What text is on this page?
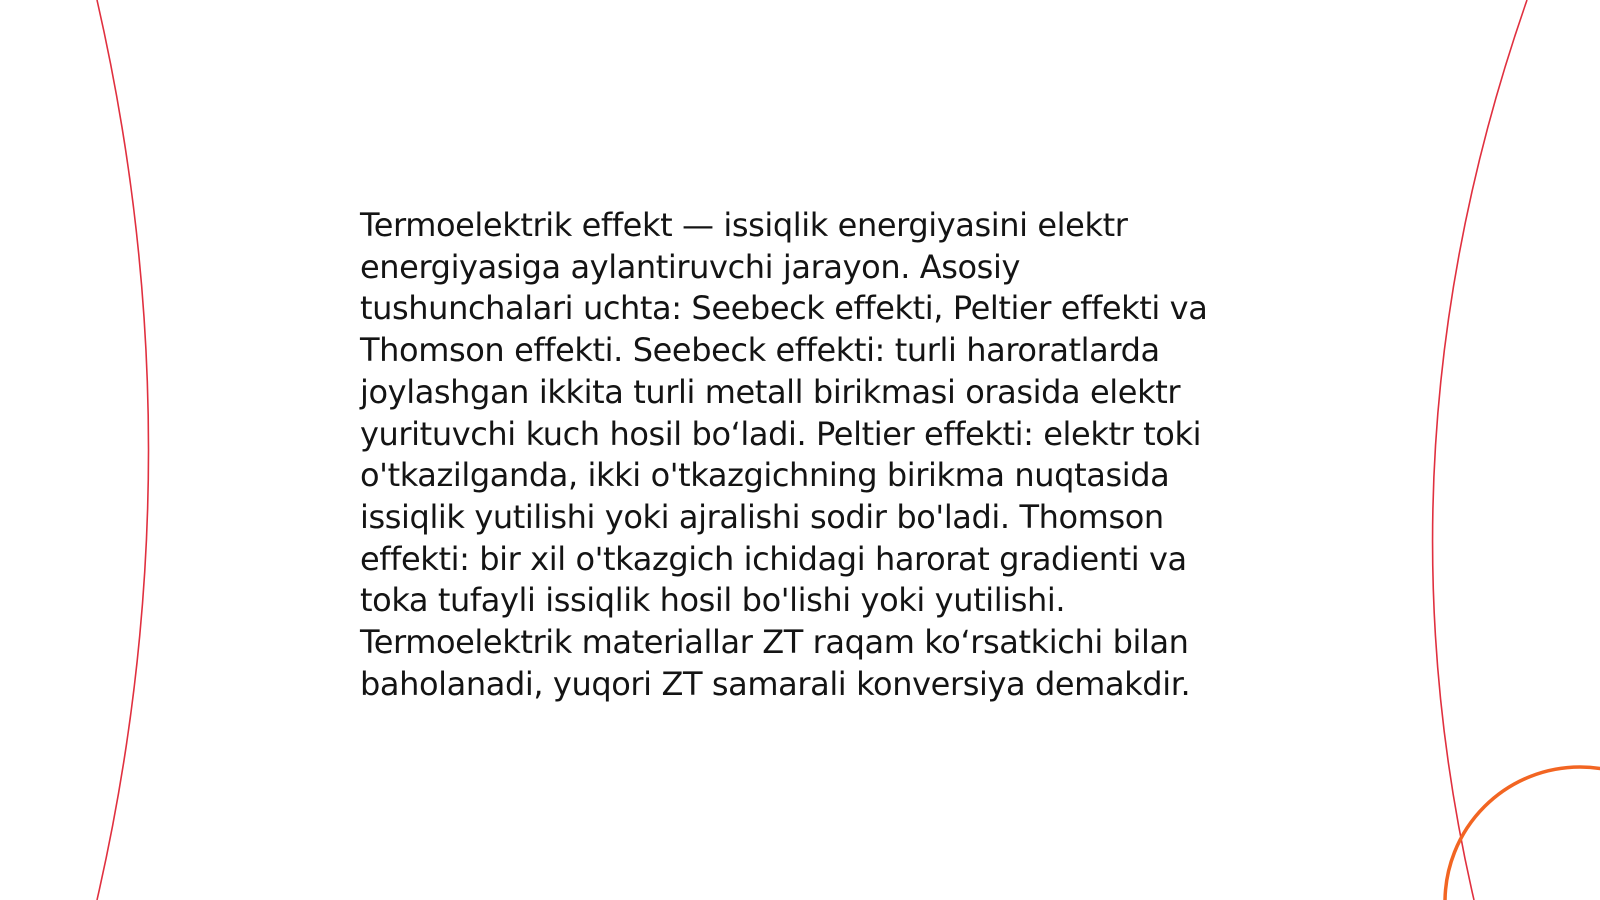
Termoelektrik effekt — issiqlik energiyasini elektr energiyasiga aylantiruvchi jarayon. Asosiy tushunchalari uchta: Seebeck effekti, Peltier effekti va Thomson effekti. Seebeck effekti: turli haroratlarda joylashgan ikkita turli metall birikmasi orasida elektr yurituvchi kuch hosil bo‘ladi. Peltier effekti: elektr toki o'tkazilganda, ikki o'tkazgichning birikma nuqtasida issiqlik yutilishi yoki ajralishi sodir bo'ladi. Thomson effekti: bir xil o'tkazgich ichidagi harorat gradienti va toka tufayli issiqlik hosil bo'lishi yoki yutilishi. Termoelektrik materiallar ZT raqam ko‘rsatkichi bilan baholanadi, yuqori ZT samarali konversiya demakdir.
